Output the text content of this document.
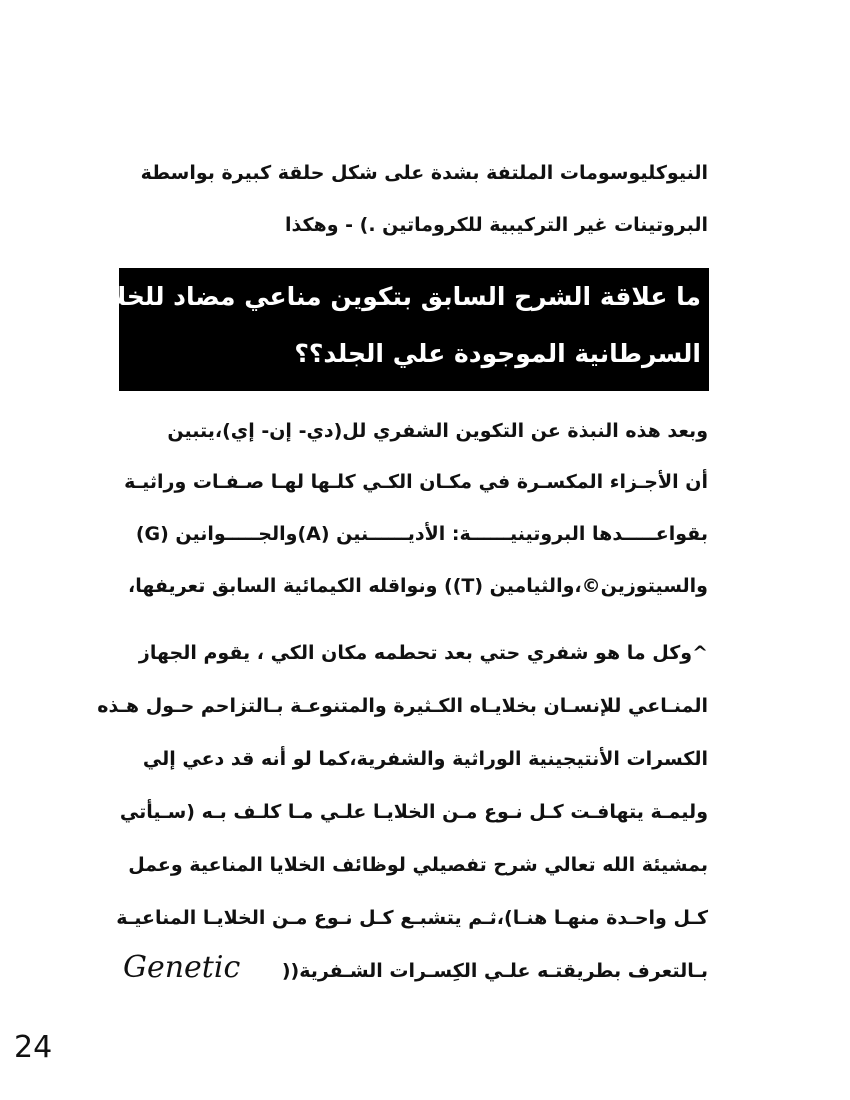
النيوكليوسومات الملتفة بشدة على شكل حلقة كبيرة بواسطة
البروتينات غير التركيبية للكروماتين .) - وهكذا
ما علاقة الشرح السابق بتكوين مناعي مضاد للخلايا
السرطانية الموجودة علي الجلد؟؟
وبعد هذه النبذة عن التكوين الشفري لل(دي- إن- إي)،يتبين
أن الأجـزاء المكسـرة في مكـان الكـي كلـها لهـا صـفـات وراثيـة
بقواعـــــدها البروتينيــــــة: الأديــــــنين (A)والجـــــوانين (G)
والسيتوزين©،والثيامين (T)) ونواقله الكيمائية السابق تعريفها،
^وكل ما هو شفري حتي بعد تحطمه مكان الكي ، يقوم الجهاز
المنـاعي للإنسـان بخلايـاه الكـثيرة والمتنوعـة بـالتزاحم حـول هـذه
الكسرات الأنتيجينية الوراثية والشفرية،كما لو أنه قد دعي إلي
وليمـة يتهافـت كـل نـوع مـن الخلايـا علـي مـا كلـف بـه (سـيأتي
بمشيئة الله تعالي شرح تفصيلي لوظائف الخلايا المناعية وعمل
كـل واحـدة منهـا هنـا)،ثـم يتشبـع كـل نـوع مـن الخلايـا المناعيـة
بـالتعرف بطريقتـه علـي الكِسـرات الشـفرية((
Genetic
24
